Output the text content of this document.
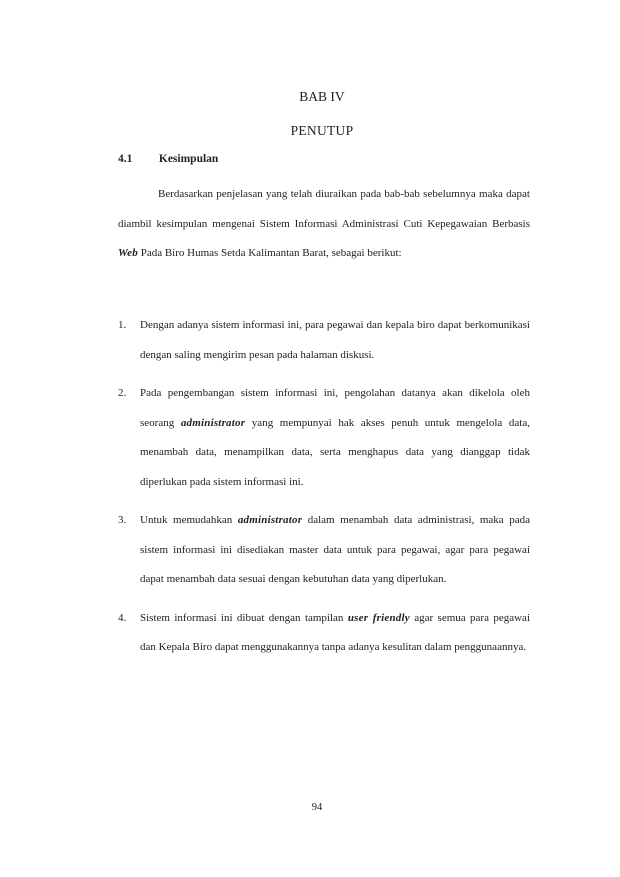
BAB IV
PENUTUP
4.1 Kesimpulan

Berdasarkan penjelasan yang telah diuraikan pada bab-bab sebelumnya maka dapat diambil kesimpulan mengenai Sistem Informasi Administrasi Cuti Kepegawaian Berbasis Web Pada Biro Humas Setda Kalimantan Barat, sebagai berikut:

1. Dengan adanya sistem informasi ini, para pegawai dan kepala biro dapat berkomunikasi dengan saling mengirim pesan pada halaman diskusi.
2. Pada pengembangan sistem informasi ini, pengolahan datanya akan dikelola oleh seorang administrator yang mempunyai hak akses penuh untuk mengelola data, menambah data, menampilkan data, serta menghapus data yang dianggap tidak diperlukan pada sistem informasi ini.
3. Untuk memudahkan administrator dalam menambah data administrasi, maka pada sistem informasi ini disediakan master data untuk para pegawai, agar para pegawai dapat menambah data sesuai dengan kebutuhan data yang diperlukan.
4. Sistem informasi ini dibuat dengan tampilan user friendly agar semua para pegawai dan Kepala Biro dapat menggunakannya tanpa adanya kesulitan dalam penggunaannya.
94
